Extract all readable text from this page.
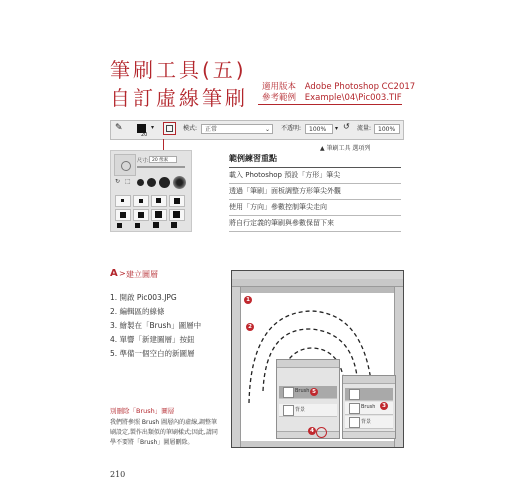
筆刷工具(五)
自訂虛線筆刷 適用版本 Adobe Photoshop CC2017
參考範例 Example\04\Pic003.TIF
✎
20
▾	模式:	正常	⌄ 不透明:	100%	▾ ↺ 流量:	100%
▲ 筆刷工具 選項列
尺寸: 20 像素
↻ ⬚
範例練習重點
載入 Photoshop 預設「方形」筆尖
透過「筆刷」面板調整方形筆尖外觀
使用「方向」參數控制筆尖走向
將自行定義的筆刷與參數保留下來
A > 建立圖層
1. 開啟 Pic003.JPG
2. 編輯區的線條
3. 繪製在「Brush」圖層中
4. 單響「新建圖層」按鈕
5. 準備一個空白的新圖層
別刪除「Brush」圖層
我們將參照 Brush 圖層內的虛線,調整筆刷設定,製作出類似的筆刷樣式;因此,請同學不要將「Brush」圖層刪除。
Brush
背景	Brush
背景
1
2
3
4
5
210
